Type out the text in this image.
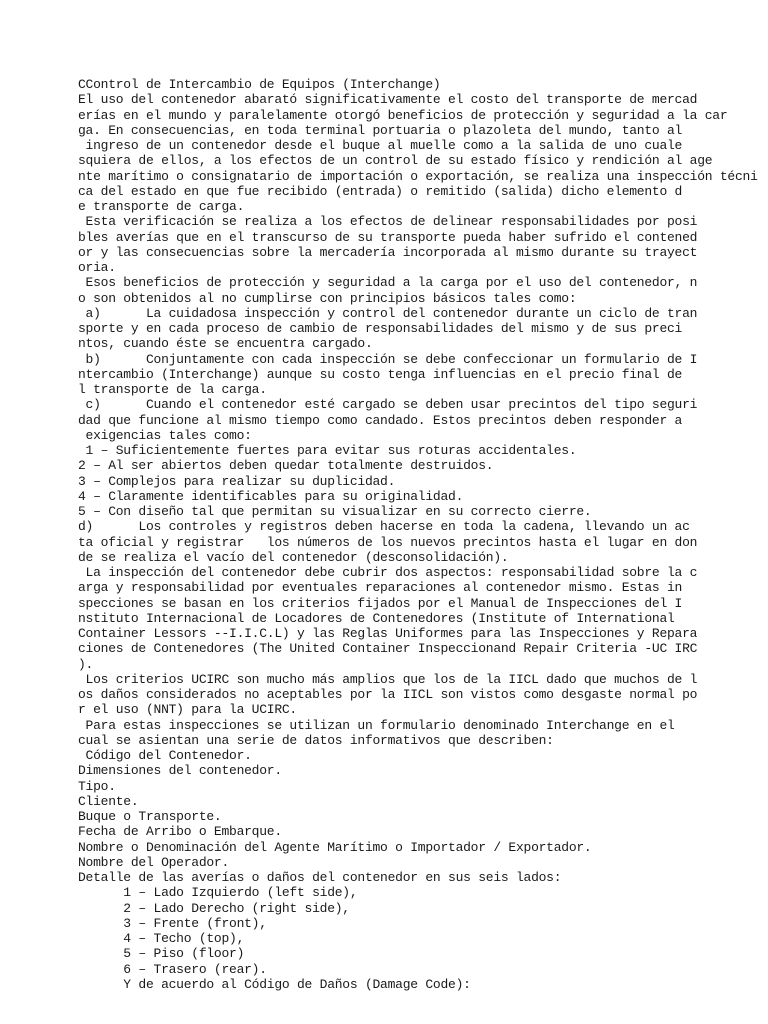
CControl de Intercambio de Equipos (Interchange)
El uso del contenedor abarató significativamente el costo del transporte de mercad
erías en el mundo y paralelamente otorgó beneficios de protección y seguridad a la car
ga. En consecuencias, en toda terminal portuaria o plazoleta del mundo, tanto al
ingreso de un contenedor desde el buque al muelle como a la salida de uno cuale
squiera de ellos, a los efectos de un control de su estado físico y rendición al age
nte marítimo o consignatario de importación o exportación, se realiza una inspección técni
ca del estado en que fue recibido (entrada) o remitido (salida) dicho elemento d
e transporte de carga.
Esta verificación se realiza a los efectos de delinear responsabilidades por posi
bles averías que en el transcurso de su transporte pueda haber sufrido el contened
or y las consecuencias sobre la mercadería incorporada al mismo durante su trayect
oria.
Esos beneficios de protección y seguridad a la carga por el uso del contenedor, n
o son obtenidos al no cumplirse con principios básicos tales como:
a)      La cuidadosa inspección y control del contenedor durante un ciclo de tran
sporte y en cada proceso de cambio de responsabilidades del mismo y de sus preci
ntos, cuando éste se encuentra cargado.
b)      Conjuntamente con cada inspección se debe confeccionar un formulario de I
ntercambio (Interchange) aunque su costo tenga influencias en el precio final de
l transporte de la carga.
c)      Cuando el contenedor esté cargado se deben usar precintos del tipo seguri
dad que funcione al mismo tiempo como candado. Estos precintos deben responder a
exigencias tales como:
1 – Suficientemente fuertes para evitar sus roturas accidentales.
2 – Al ser abiertos deben quedar totalmente destruidos.
3 – Complejos para realizar su duplicidad.
4 – Claramente identificables para su originalidad.
5 – Con diseño tal que permitan su visualizar en su correcto cierre.
d)      Los controles y registros deben hacerse en toda la cadena, llevando un ac
ta oficial y registrar   los números de los nuevos precintos hasta el lugar en don
de se realiza el vacío del contenedor (desconsolidación).
La inspección del contenedor debe cubrir dos aspectos: responsabilidad sobre la c
arga y responsabilidad por eventuales reparaciones al contenedor mismo. Estas in
specciones se basan en los criterios fijados por el Manual de Inspecciones del I
nstituto Internacional de Locadores de Contenedores (Institute of International
Container Lessors --I.I.C.L) y las Reglas Uniformes para las Inspecciones y Repara
ciones de Contenedores (The United Container Inspeccionand Repair Criteria -UC IRC
).
Los criterios UCIRC son mucho más amplios que los de la IICL dado que muchos de l
os daños considerados no aceptables por la IICL son vistos como desgaste normal po
r el uso (NNT) para la UCIRC.
Para estas inspecciones se utilizan un formulario denominado Interchange en el
cual se asientan una serie de datos informativos que describen:
Código del Contenedor.
Dimensiones del contenedor.
Tipo.
Cliente.
Buque o Transporte.
Fecha de Arribo o Embarque.
Nombre o Denominación del Agente Marítimo o Importador / Exportador.
Nombre del Operador.
Detalle de las averías o daños del contenedor en sus seis lados:
1 – Lado Izquierdo (left side),
2 – Lado Derecho (right side),
3 – Frente (front),
4 – Techo (top),
5 – Piso (floor)
6 – Trasero (rear).
Y de acuerdo al Código de Daños (Damage Code):
